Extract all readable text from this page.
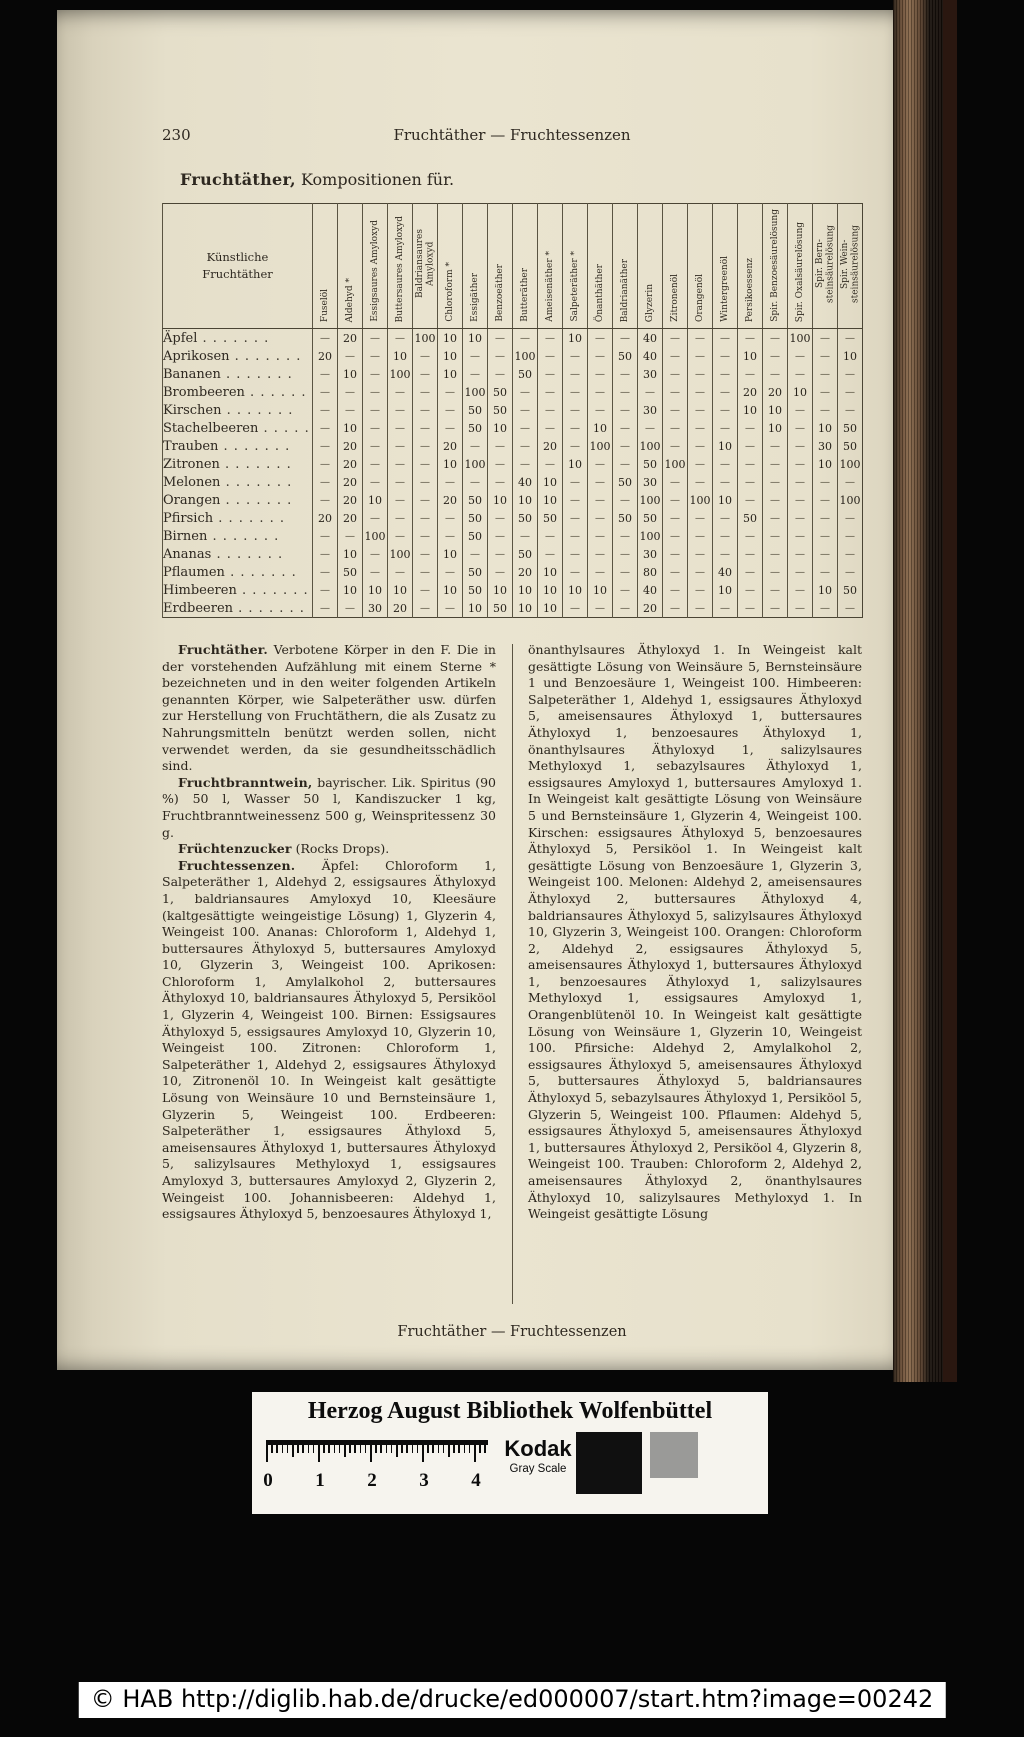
230	Fruchtäther — Fruchtessenzen
Fruchtäther, Kompositionen für.
Künstliche Fruchtäther	Fuselöl	Aldehyd *	Essigsaures Amyloxyd	Buttersaures Amyloxyd	Baldriansaures Amyloxyd	Chloroform *	Essigäther	Benzoeäther	Butteräther	Ameisenäther *	Salpeteräther *	Önanthäther	Baldrianäther	Glyzerin	Zitronenöl	Orangenöl	Wintergreenöl	Persikoessenz	Spir. Benzoesäurelösung	Spir. Oxalsäurelösung	Spir. Bernsteinsäurelösung	Spir. Weinsteinsäurelösung
Äpfel . . .	—	20	—	—	100	10	10	—	—	—	10	—	—	40	—	—	—	—	—	100	—	—
Aprikosen . . .	20	—	—	10	—	10	—	—	100	—	—	—	50	40	—	—	—	10	—	—	—	10
Bananen . . .	—	10	—	100	—	10	—	—	50	—	—	—	—	30	—	—	—	—	—	—	—	—
Brombeeren . . .	—	—	—	—	—	—	100	50	—	—	—	—	—	—	—	—	—	20	20	10	—	—
Kirschen . . .	—	—	—	—	—	—	50	50	—	—	—	—	—	30	—	—	—	10	10	—	—	—
Stachelbeeren . . .	—	10	—	—	—	—	50	10	—	—	—	10	—	—	—	—	—	—	10	—	10	50
Trauben . . .	—	20	—	—	—	20	—	—	—	20	—	100	—	100	—	—	10	—	—	—	30	50
Zitronen . . .	—	20	—	—	—	10	100	—	—	—	10	—	—	50	100	—	—	—	—	—	10	100
Melonen . . .	—	20	—	—	—	—	—	—	40	10	—	—	50	30	—	—	—	—	—	—	—	—
Orangen . . .	—	20	10	—	—	20	50	10	10	10	—	—	—	100	—	100	10	—	—	—	—	100
Pfirsich . . .	20	20	—	—	—	—	50	—	50	50	—	—	50	50	—	—	—	50	—	—	—	—
Birnen . . .	—	—	100	—	—	—	50	—	—	—	—	—	—	100	—	—	—	—	—	—	—	—
Ananas . . .	—	10	—	100	—	10	—	—	50	—	—	—	—	30	—	—	—	—	—	—	—	—
Pflaumen . . .	—	50	—	—	—	—	50	—	20	10	—	—	—	80	—	—	40	—	—	—	—	—
Himbeeren . . .	—	10	10	10	—	10	50	10	10	10	10	10	—	40	—	—	10	—	—	—	10	50
Erdbeeren . . .	—	—	30	20	—	—	10	50	10	10	—	—	—	20	—	—	—	—	—	—	—	—

Fruchtäther. Verbotene Körper in den F. Die in der vorstehenden Aufzählung mit einem Sterne * bezeichneten und in den weiter folgenden Artikeln genannten Körper, wie Salpeteräther usw. dürfen zur Herstellung von Fruchtäthern, die als Zusatz zu Nahrungsmitteln benützt werden sollen, nicht verwendet werden, da sie gesundheitsschädlich sind.

Fruchtbranntwein, bayrischer. Lik. Spiritus (90 %) 50 l, Wasser 50 l, Kandiszucker 1 kg, Fruchtbranntweinessenz 500 g, Weinspritessenz 30 g.

Früchtenzucker (Rocks Drops).

Fruchtessenzen. Äpfel: Chloroform 1, Salpeteräther 1, Aldehyd 2, essigsaures Äthyloxyd 1, baldriansaures Amyloxyd 10, Kleesäure (kaltgesättigte weingeistige Lösung) 1, Glyzerin 4, Weingeist 100. Ananas: Chloroform 1, Aldehyd 1, buttersaures Äthyloxyd 5, buttersaures Amyloxyd 10, Glyzerin 3, Weingeist 100. Aprikosen: Chloroform 1, Amylalkohol 2, buttersaures Äthyloxyd 10, baldriansaures Äthyloxyd 5, Persiköol 1, Glyzerin 4, Weingeist 100. Birnen: Essigsaures Äthyloxyd 5, essigsaures Amyloxyd 10, Glyzerin 10, Weingeist 100. Zitronen: Chloroform 1, Salpeteräther 1, Aldehyd 2, essigsaures Äthyloxyd 10, Zitronenöl 10. In Weingeist kalt gesättigte Lösung von Weinsäure 10 und Bernsteinsäure 1, Glyzerin 5, Weingeist 100. Erdbeeren: Salpeteräther 1, essigsaures Äthyloxd 5, ameisensaures Äthyloxyd 1, buttersaures Äthyloxyd 5, salizylsaures Methyloxyd 1, essigsaures Amyloxyd 3, buttersaures Amyloxyd 2, Glyzerin 2, Weingeist 100. Johannisbeeren: Aldehyd 1, essigsaures Äthyloxyd 5, benzoesaures Äthyloxyd 1,

önanthylsaures Äthyloxyd 1. In Weingeist kalt gesättigte Lösung von Weinsäure 5, Bernsteinsäure 1 und Benzoesäure 1, Weingeist 100. Himbeeren: Salpeteräther 1, Aldehyd 1, essigsaures Äthyloxyd 5, ameisensaures Äthyloxyd 1, buttersaures Äthyloxyd 1, benzoesaures Äthyloxyd 1, önanthylsaures Äthyloxyd 1, salizylsaures Methyloxyd 1, sebazylsaures Äthyloxyd 1, essigsaures Amyloxyd 1, buttersaures Amyloxyd 1. In Weingeist kalt gesättigte Lösung von Weinsäure 5 und Bernsteinsäure 1, Glyzerin 4, Weingeist 100. Kirschen: essigsaures Äthyloxyd 5, benzoesaures Äthyloxyd 5, Persiköol 1. In Weingeist kalt gesättigte Lösung von Benzoesäure 1, Glyzerin 3, Weingeist 100. Melonen: Aldehyd 2, ameisensaures Äthyloxyd 2, buttersaures Äthyloxyd 4, baldriansaures Äthyloxyd 5, salizylsaures Äthyloxyd 10, Glyzerin 3, Weingeist 100. Orangen: Chloroform 2, Aldehyd 2, essigsaures Äthyloxyd 5, ameisensaures Äthyloxyd 1, buttersaures Äthyloxyd 1, benzoesaures Äthyloxyd 1, salizylsaures Methyloxyd 1, essigsaures Amyloxyd 1, Orangenblütenöl 10. In Weingeist kalt gesättigte Lösung von Weinsäure 1, Glyzerin 10, Weingeist 100. Pfirsiche: Aldehyd 2, Amylalkohol 2, essigsaures Äthyloxyd 5, ameisensaures Äthyloxyd 5, buttersaures Äthyloxyd 5, baldriansaures Äthyloxyd 5, sebazylsaures Äthyloxyd 1, Persiköol 5, Glyzerin 5, Weingeist 100. Pflaumen: Aldehyd 5, essigsaures Äthyloxyd 5, ameisensaures Äthyloxyd 1, buttersaures Äthyloxyd 2, Persiköol 4, Glyzerin 8, Weingeist 100. Trauben: Chloroform 2, Aldehyd 2, ameisensaures Äthyloxyd 2, önanthylsaures Äthyloxyd 10, salizylsaures Methyloxyd 1. In Weingeist gesättigte Lösung

Fruchtäther — Fruchtessenzen
Herzog August Bibliothek Wolfenbüttel
0 1 2 3 4
Kodak
Gray Scale
© HAB http://diglib.hab.de/drucke/ed000007/start.htm?image=00242
